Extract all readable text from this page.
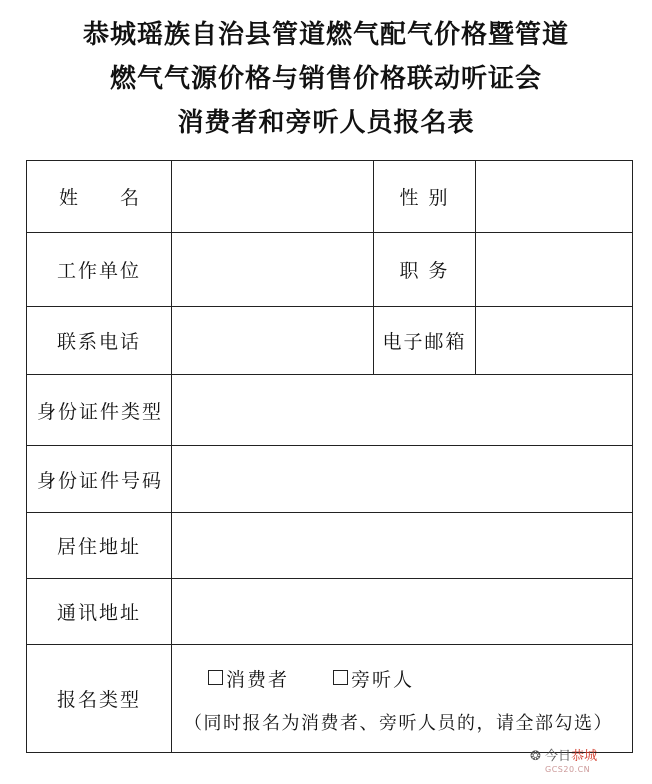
恭城瑶族自治县管道燃气配气价格暨管道
燃气气源价格与销售价格联动听证会
消费者和旁听人员报名表
姓 名		性 别	
工作单位		职 务	
联系电话		电子邮箱	
身份证件类型			
身份证件号码			
居住地址			
通讯地址			
报名类型	消费者 旁听人
（同时报名为消费者、旁听人员的，请全部勾选）		
❂ 今日恭城
GCS20.CN
